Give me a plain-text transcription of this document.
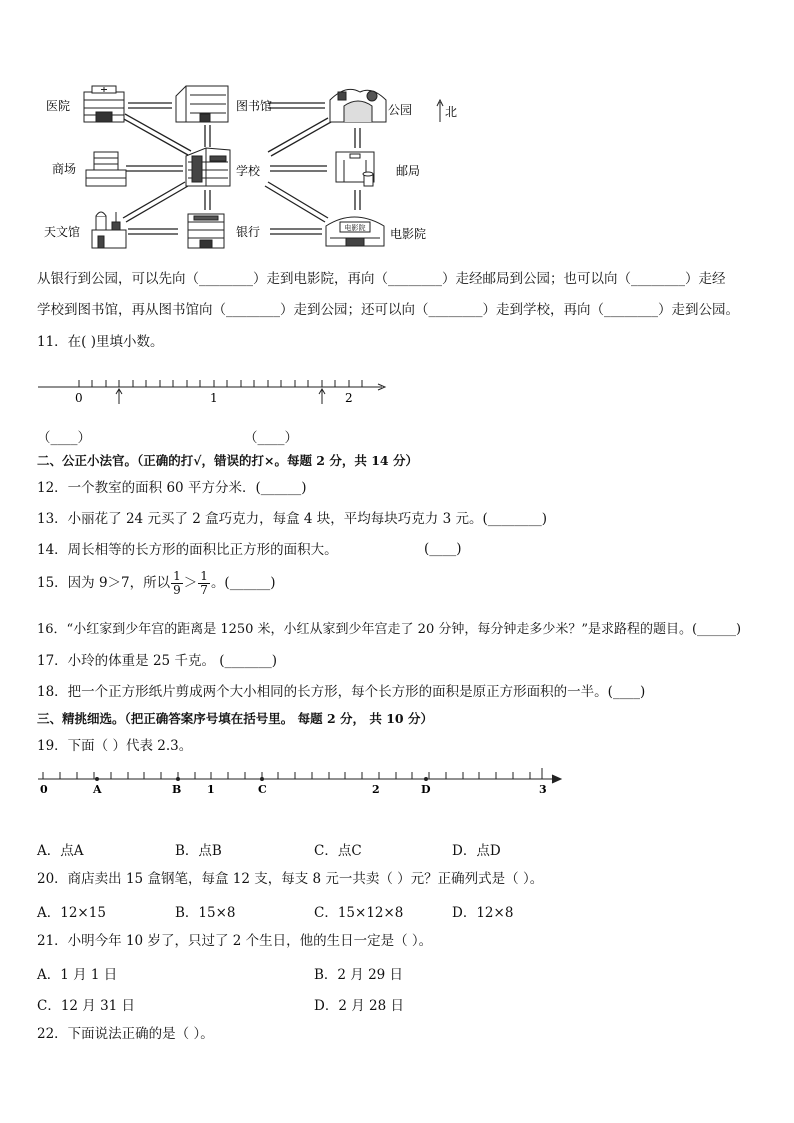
电影院
医院	图书馆	公园
商场	学校	邮局
天文馆	银行	电影院
北
从银行到公园，可以先向（________）走到电影院，再向（________）走经邮局到公园；也可以向（________）走经
学校到图书馆，再从图书馆向（________）走到公园；还可以向（________）走到学校，再向（________）走到公园。
11．在( )里填小数。
0	1	2
（____）	（____）
二、公正小法官。（正确的打√，错误的打×。每题 2 分，共 14 分）
12．一个教室的面积 60 平方分米．(______)
13．小丽花了 24 元买了 2 盒巧克力，每盒 4 块，平均每块巧克力 3 元。(________)
14．周长相等的长方形的面积比正方形的面积大。	(____)
15．因为 9＞7，所以 $\frac{1}{9} > \frac{1}{7}$ 。(______)
16．“小红家到少年宫的距离是 1250 米，小红从家到少年宫走了 20 分钟，每分钟走多少米？”是求路程的题目。(______)
17．小玲的体重是 25 千克。 (_______)
18．把一个正方形纸片剪成两个大小相同的长方形，每个长方形的面积是原正方形面积的一半。(____)
三、精挑细选。（把正确答案序号填在括号里。 每题 2 分， 共 10 分）
19．下面（ ）代表 2.3。
0	A	B 1	C	2	D	3
A．点A	B．点B	C．点C	D．点D
20．商店卖出 15 盒钢笔，每盒 12 支，每支 8 元一共卖（ ）元？正确列式是（ ）。
A．12×15	B．15×8	C．15×12×8	D．12×8
21．小明今年 10 岁了，只过了 2 个生日，他的生日一定是（ ）。
A．1 月 1 日	B．2 月 29 日
C．12 月 31 日	D．2 月 28 日
22．下面说法正确的是（ ）。
